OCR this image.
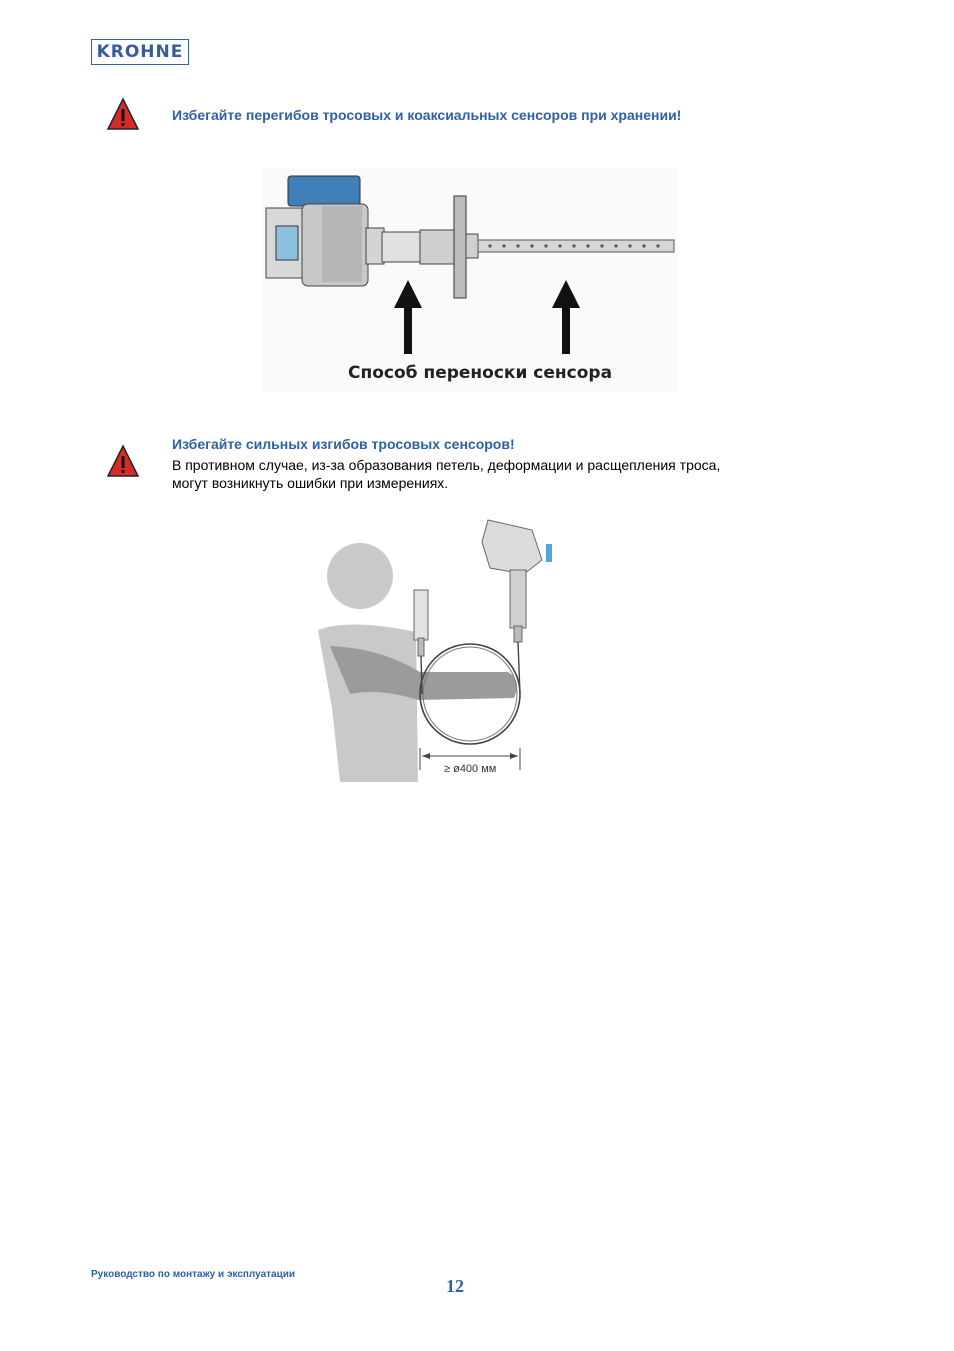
KROHNE
Избегайте перегибов тросовых и коаксиальных сенсоров при хранении!
Способ переноски сенсора
Избегайте сильных изгибов тросовых сенсоров!
В противном случае, из-за образования петель, деформации и расщепления троса,
могут возникнуть ошибки при измерениях.
≥ ø400 мм
Руководство по монтажу и эксплуатации
12
